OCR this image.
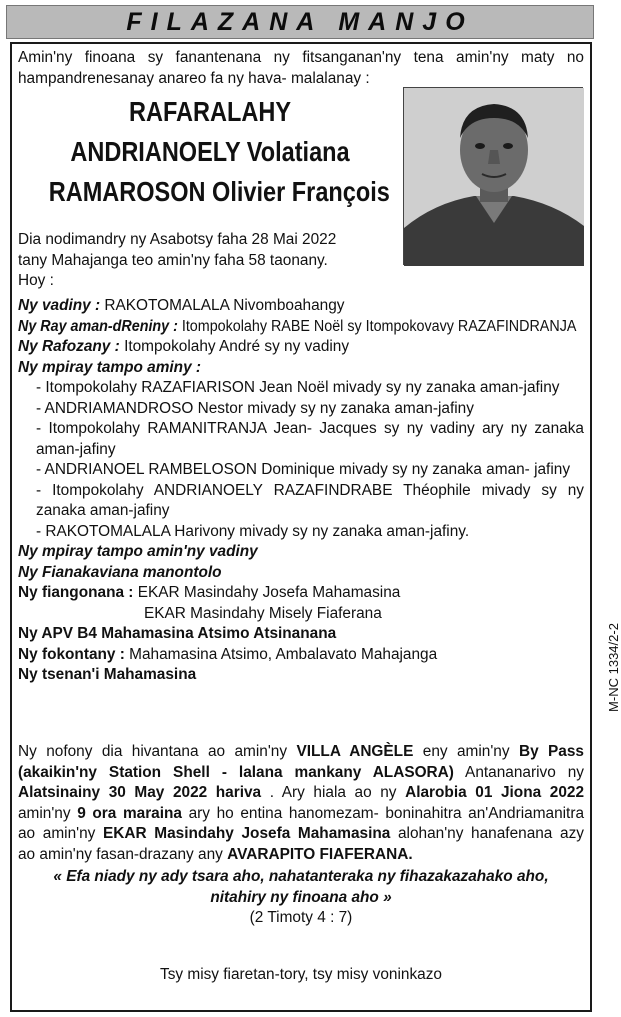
FILAZANA MANJO
Amin'ny finoana sy fanantenana ny fitsanganan'ny tena amin'ny maty no hampandrenesanay anareo fa ny hava- malalanay :
RAFARALAHY
ANDRIANOELY Volatiana
RAMAROSON Olivier François
Dia nodimandry ny Asabotsy faha 28 Mai 2022
tany Mahajanga teo amin'ny faha 58 taonany.
Hoy :
Ny vadiny : RAKOTOMALALA Nivomboahangy
Ny Ray aman-dReniny : Itompokolahy RABE Noël sy Itompokovavy RAZAFINDRANJA
Ny Rafozany : Itompokolahy André sy ny vadiny
Ny mpiray tampo aminy :
- Itompokolahy RAZAFIARISON Jean Noël mivady sy ny zanaka aman-jafiny
- ANDRIAMANDROSO Nestor mivady sy ny zanaka aman-jafiny
- Itompokolahy RAMANITRANJA Jean- Jacques sy ny vadiny ary ny zanaka
aman-jafiny
- ANDRIANOEL RAMBELOSON Dominique mivady sy ny zanaka aman- jafiny
- Itompokolahy ANDRIANOELY RAZAFINDRABE Théophile mivady sy ny
zanaka aman-jafiny
- RAKOTOMALALA Harivony mivady sy ny zanaka aman-jafiny.
Ny mpiray tampo amin'ny vadiny
Ny Fianakaviana manontolo
Ny fiangonana : EKAR Masindahy Josefa Mahamasina
EKAR Masindahy Misely Fiaferana
Ny APV B4 Mahamasina Atsimo Atsinanana
Ny fokontany : Mahamasina Atsimo, Ambalavato Mahajanga
Ny tsenan'i Mahamasina	M-NC 1334/2-2
Ny nofony dia hivantana ao amin'ny VILLA ANGÈLE eny amin'ny By Pass
(akaikin'ny Station Shell - lalana mankany ALASORA) Antananarivo ny
Alatsinainy 30 May 2022 hariva . Ary hiala ao ny Alarobia 01 Jiona 2022
amin'ny 9 ora maraina ary ho entina hanomezam- boninahitra an'Andriamanitra
ao amin'ny EKAR Masindahy Josefa Mahamasina alohan'ny hanafenana azy
ao amin'ny fasan-drazany any AVARAPITO FIAFERANA.
« Efa niady ny ady tsara aho, nahatanteraka ny fihazakazahako aho,
nitahiry ny finoana aho »
(2 Timoty 4 : 7)
Tsy misy fiaretan-tory, tsy misy voninkazo
